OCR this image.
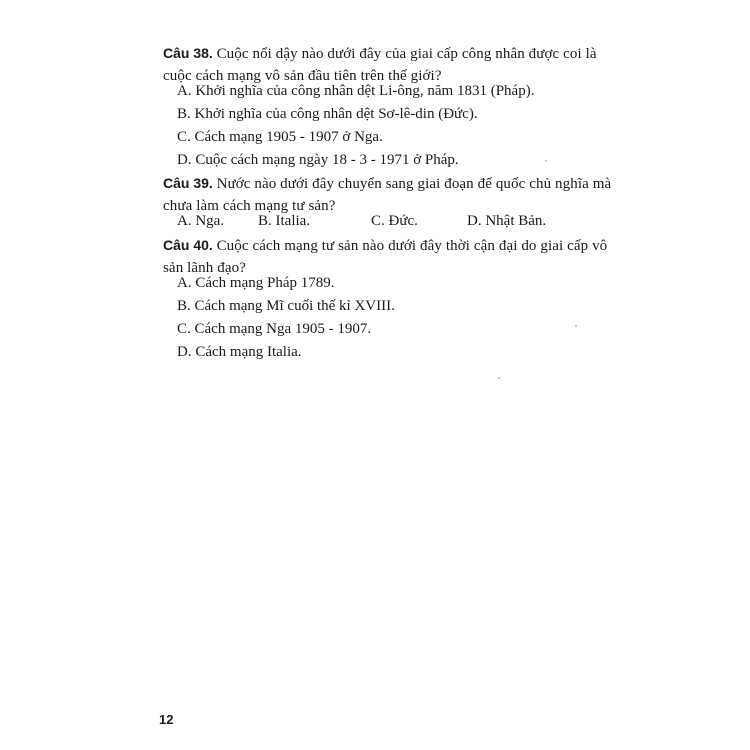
Câu 38. Cuộc nổi dậy nào dưới đây của giai cấp công nhân được coi là cuộc cách mạng vô sản đầu tiên trên thế giới?
A. Khởi nghĩa của công nhân dệt Li-ông, năm 1831 (Pháp).
B. Khởi nghĩa của công nhân dệt Sơ-lê-din (Đức).
C. Cách mạng 1905 - 1907 ở Nga.
D. Cuộc cách mạng ngày 18 - 3 - 1971 ở Pháp.
Câu 39. Nước nào dưới đây chuyển sang giai đoạn đế quốc chủ nghĩa mà chưa làm cách mạng tư sản?
A. Nga. B. Italia.	C. Đức.	D. Nhật Bản.
Câu 40. Cuộc cách mạng tư sản nào dưới đây thời cận đại do giai cấp vô sản lãnh đạo?
A. Cách mạng Pháp 1789.
B. Cách mạng Mĩ cuối thế kỉ XVIII.
C. Cách mạng Nga 1905 - 1907.
D. Cách mạng Italia.
12
